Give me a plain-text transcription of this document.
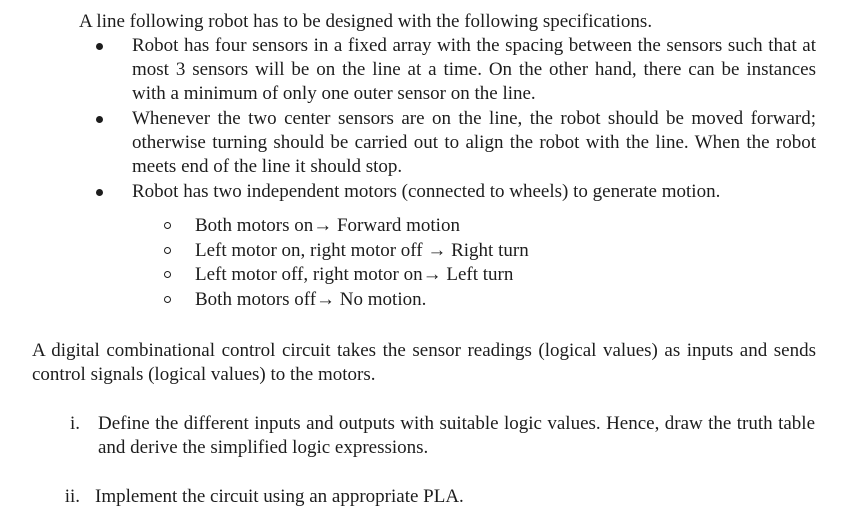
A line following robot has to be designed with the following specifications.

Robot has four sensors in a fixed array with the spacing between the sensors such that at most 3 sensors will be on the line at a time. On the other hand, there can be instances with a minimum of only one outer sensor on the line.
Whenever the two center sensors are on the line, the robot should be moved forward; otherwise turning should be carried out to align the robot with the line. When the robot meets end of the line it should stop.
Robot has two independent motors (connected to wheels) to generate motion.
Both motors on→ Forward motion
Left motor on, right motor off → Right turn
Left motor off, right motor on→ Left turn
Both motors off→ No motion.

A digital combinational control circuit takes the sensor readings (logical values) as inputs and sends control signals (logical values) to the motors.

i. Define the different inputs and outputs with suitable logic values. Hence, draw the truth table and derive the simplified logic expressions.
ii. Implement the circuit using an appropriate PLA.
